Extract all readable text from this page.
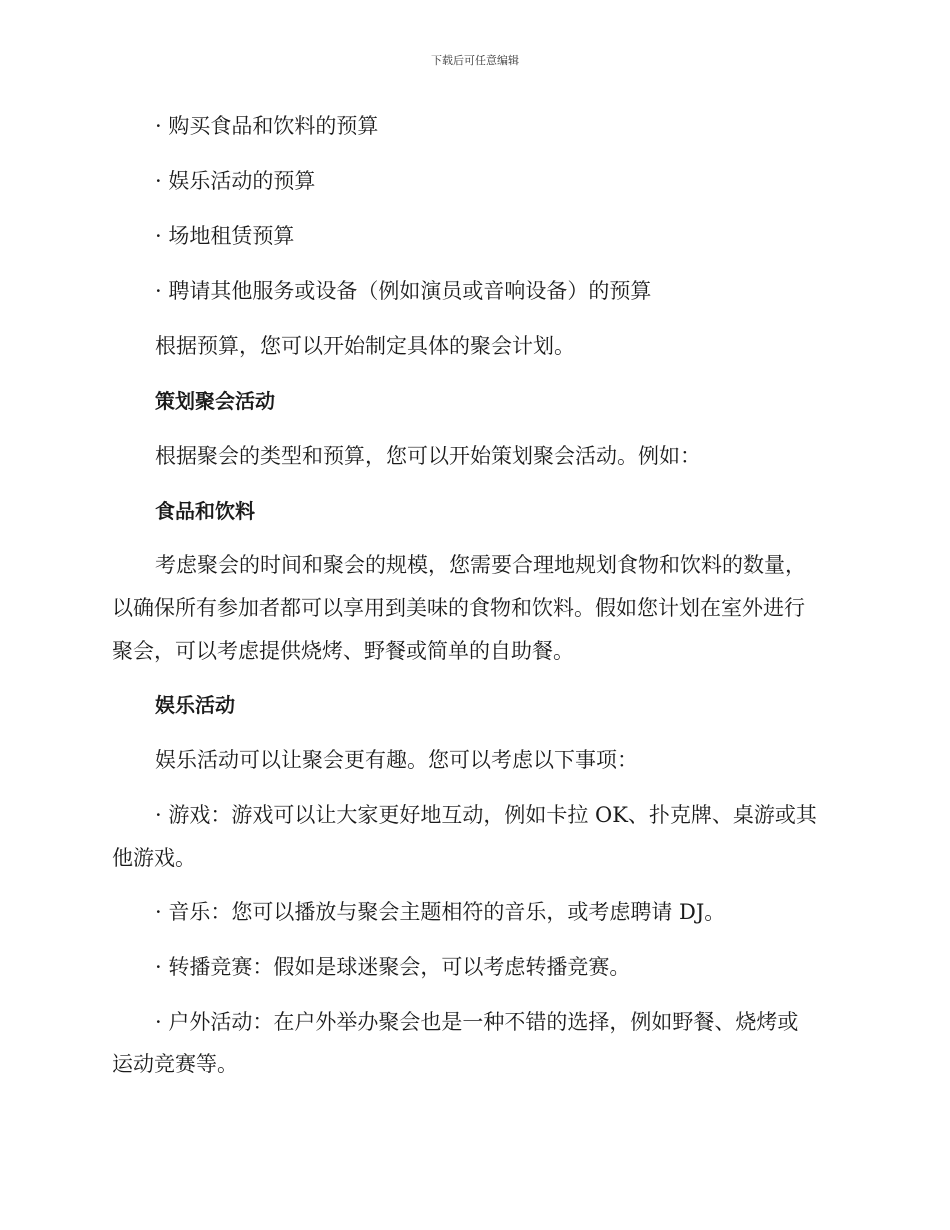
下载后可任意编辑
· 购买食品和饮料的预算
· 娱乐活动的预算
· 场地租赁预算
· 聘请其他服务或设备（例如演员或音响设备）的预算
根据预算，您可以开始制定具体的聚会计划。
策划聚会活动
根据聚会的类型和预算，您可以开始策划聚会活动。例如：
食品和饮料
考虑聚会的时间和聚会的规模，您需要合理地规划食物和饮料的数量，
以确保所有参加者都可以享用到美味的食物和饮料。假如您计划在室外进行
聚会，可以考虑提供烧烤、野餐或简单的自助餐。
娱乐活动
娱乐活动可以让聚会更有趣。您可以考虑以下事项：
· 游戏：游戏可以让大家更好地互动，例如卡拉 OK、扑克牌、桌游或其
他游戏。
· 音乐：您可以播放与聚会主题相符的音乐，或考虑聘请 DJ。
· 转播竞赛：假如是球迷聚会，可以考虑转播竞赛。
· 户外活动：在户外举办聚会也是一种不错的选择，例如野餐、烧烤或
运动竞赛等。
